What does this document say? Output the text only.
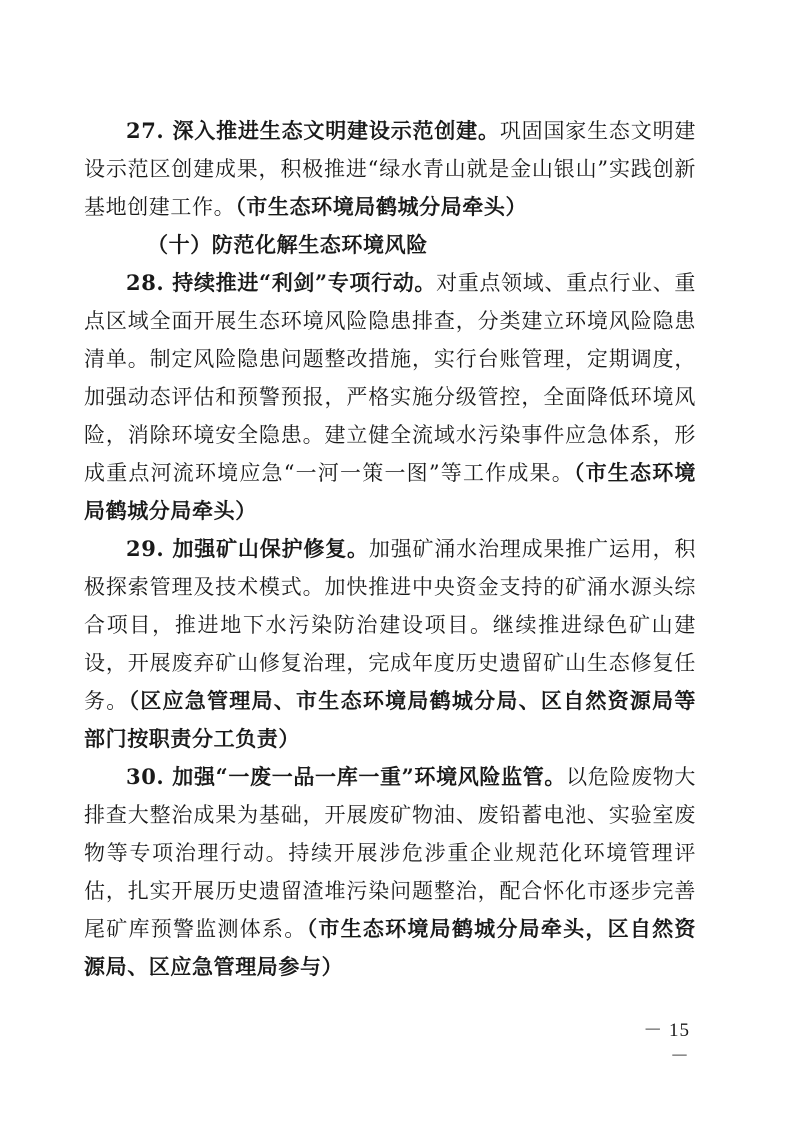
27. 深入推进生态文明建设示范创建。巩固国家生态文明建设示范区创建成果，积极推进“绿水青山就是金山银山”实践创新基地创建工作。（市生态环境局鹤城分局牵头）

（十）防范化解生态环境风险

28. 持续推进“利剑”专项行动。对重点领域、重点行业、重点区域全面开展生态环境风险隐患排查，分类建立环境风险隐患清单。制定风险隐患问题整改措施，实行台账管理，定期调度，加强动态评估和预警预报，严格实施分级管控，全面降低环境风险，消除环境安全隐患。建立健全流域水污染事件应急体系，形成重点河流环境应急“一河一策一图”等工作成果。（市生态环境局鹤城分局牵头）

29. 加强矿山保护修复。加强矿涌水治理成果推广运用，积极探索管理及技术模式。加快推进中央资金支持的矿涌水源头综合项目，推进地下水污染防治建设项目。继续推进绿色矿山建设，开展废弃矿山修复治理，完成年度历史遗留矿山生态修复任务。（区应急管理局、市生态环境局鹤城分局、区自然资源局等部门按职责分工负责）

30. 加强“一废一品一库一重”环境风险监管。以危险废物大排查大整治成果为基础，开展废矿物油、废铅蓄电池、实验室废物等专项治理行动。持续开展涉危涉重企业规范化环境管理评估，扎实开展历史遗留渣堆污染问题整治，配合怀化市逐步完善尾矿库预警监测体系。（市生态环境局鹤城分局牵头，区自然资源局、区应急管理局参与）

－ 15 －
